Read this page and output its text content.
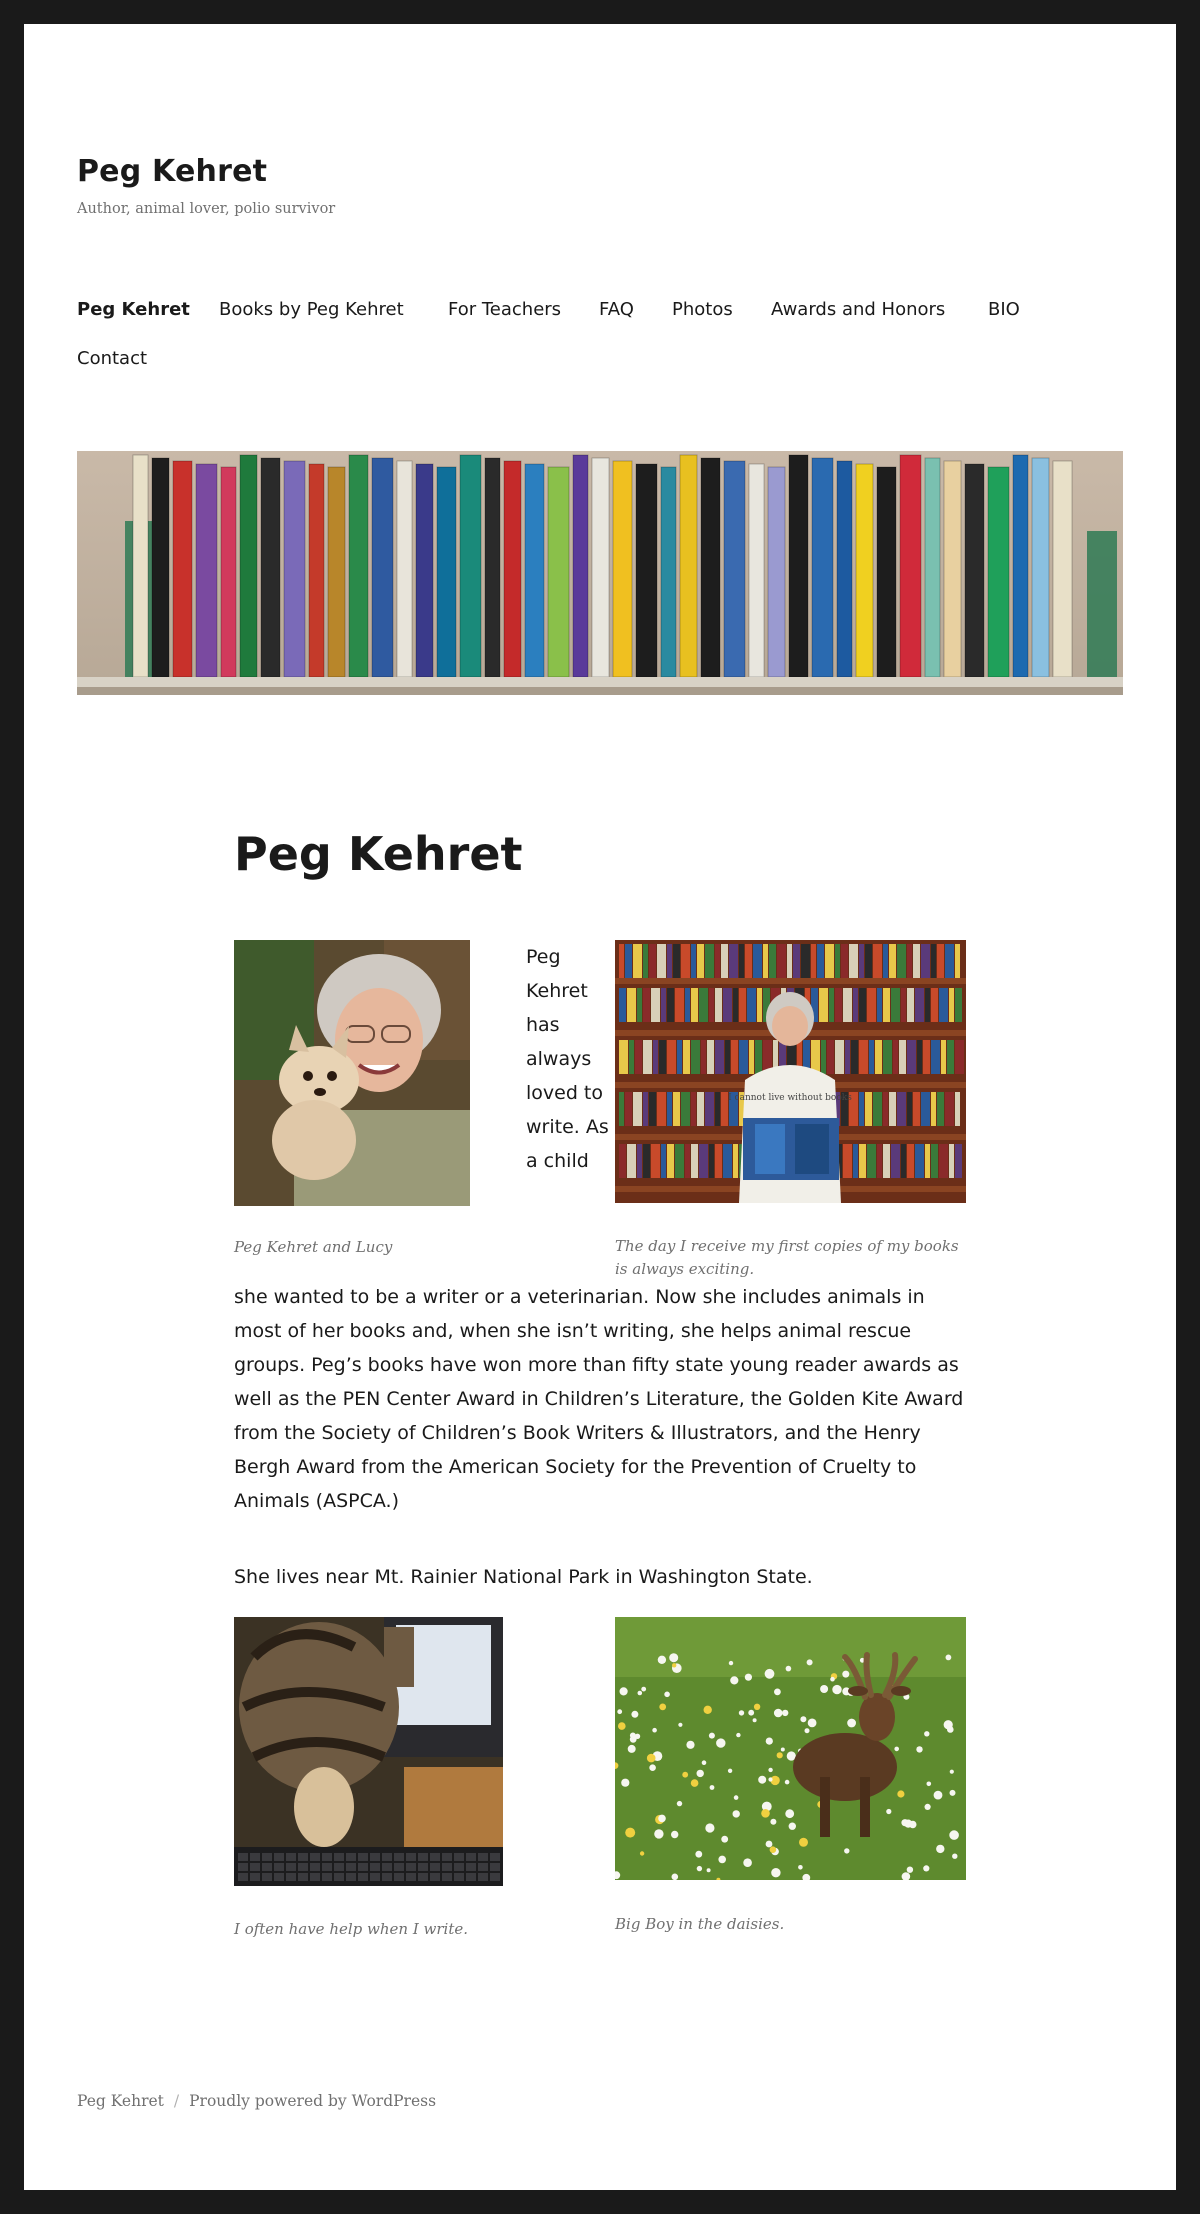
Peg Kehret

Author, animal lover, polio survivor
Peg Kehret Books by Peg Kehret For Teachers FAQ Photos Awards and Honors BIO
Contact
Peg Kehret
Peg Kehret and Lucy
I cannot live without books
The day I receive my first copies of my books is always exciting.
Peg Kehret has always loved to write. As a child
she wanted to be a writer or a veterinarian. Now she includes animals in most of her books and, when she isn’t writing, she helps animal rescue groups. Peg’s books have won more than fifty state young reader awards as well as the PEN Center Award in Children’s Literature, the Golden Kite Award from the Society of Children’s Book Writers & Illustrators, and the Henry Bergh Award from the American Society for the Prevention of Cruelty to Animals (ASPCA.)

She lives near Mt. Rainier National Park in Washington State.

I often have help when I write.	Big Boy in the daisies.
Peg Kehret / Proudly powered by WordPress
